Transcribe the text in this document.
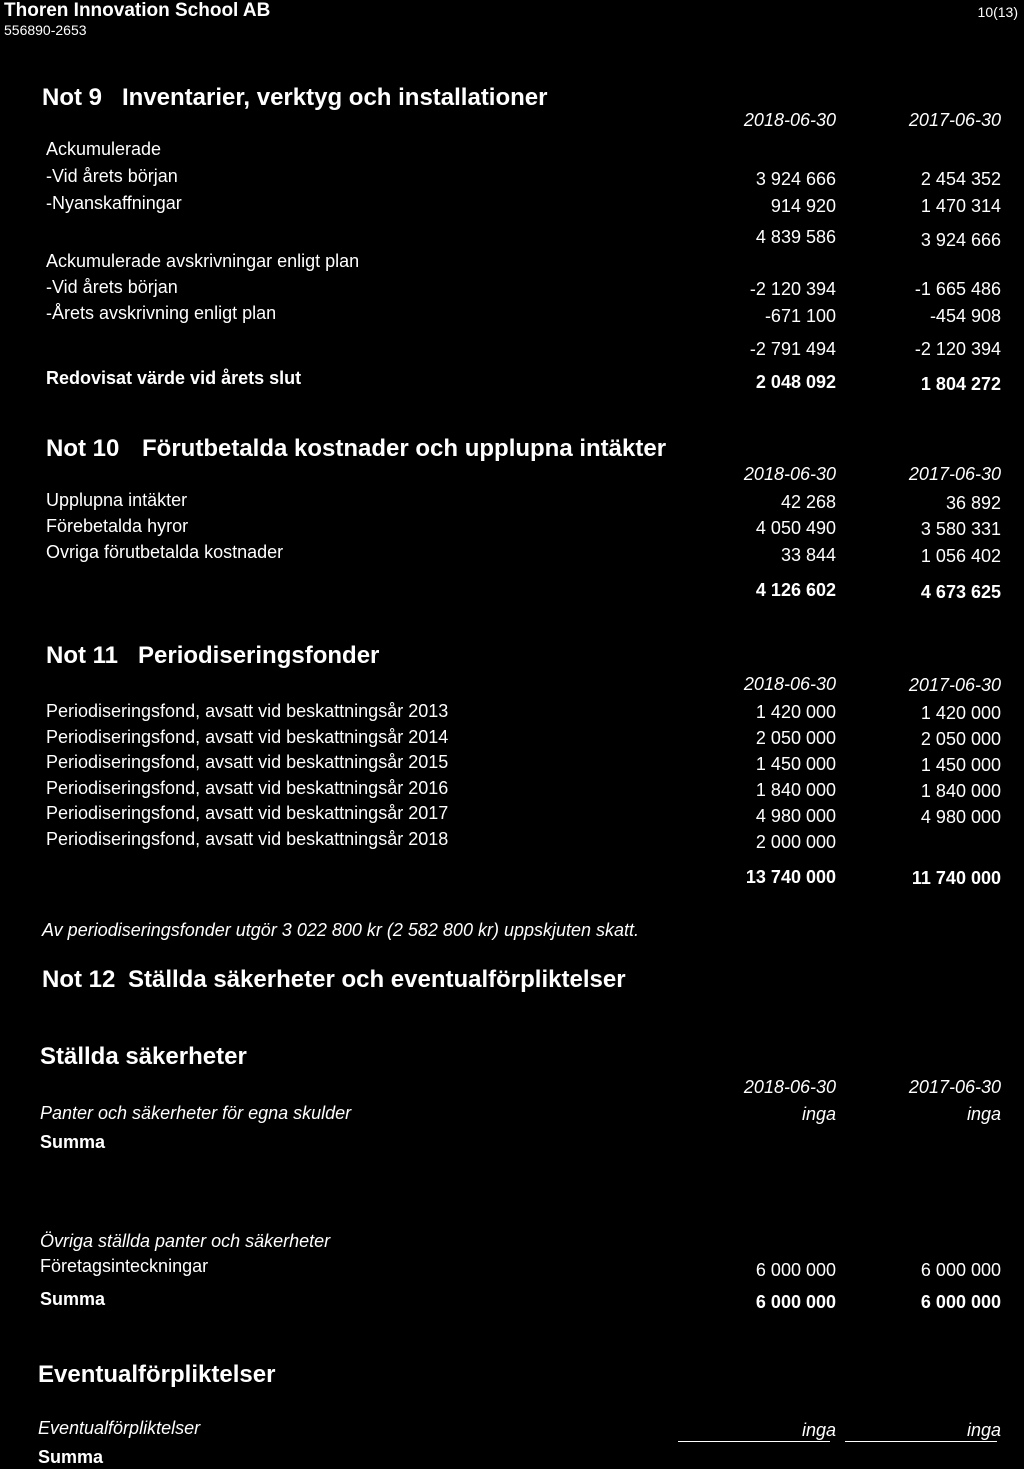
Thoren Innovation School AB
556890-2653
10(13)
Not 9 Inventarier, verktyg och installationer
2018-06-30	2017-06-30
Ackumulerade
-Vid årets början	3 924 666	2 454 352
-Nyanskaffningar	914 920	1 470 314
4 839 586	3 924 666
Ackumulerade avskrivningar enligt plan
-Vid årets början	-2 120 394	-1 665 486
-Årets avskrivning enligt plan	-671 100	-454 908
-2 791 494	-2 120 394
Redovisat värde vid årets slut	2 048 092	1 804 272
Not 10 Förutbetalda kostnader och upplupna intäkter
2018-06-30	2017-06-30
Upplupna intäkter	42 268	36 892
Förebetalda hyror	4 050 490	3 580 331
Ovriga förutbetalda kostnader	33 844	1 056 402
4 126 602	4 673 625
Not 11 Periodiseringsfonder
2018-06-30	2017-06-30
Periodiseringsfond, avsatt vid beskattningsår 2013	1 420 000	1 420 000
Periodiseringsfond, avsatt vid beskattningsår 2014	2 050 000	2 050 000
Periodiseringsfond, avsatt vid beskattningsår 2015	1 450 000	1 450 000
Periodiseringsfond, avsatt vid beskattningsår 2016	1 840 000	1 840 000
Periodiseringsfond, avsatt vid beskattningsår 2017	4 980 000	4 980 000
Periodiseringsfond, avsatt vid beskattningsår 2018	2 000 000
13 740 000	11 740 000
Av periodiseringsfonder utgör 3 022 800 kr (2 582 800 kr) uppskjuten skatt.
Not 12 Ställda säkerheter och eventualförpliktelser
Ställda säkerheter
2018-06-30	2017-06-30
Panter och säkerheter för egna skulder	inga	inga
Summa
Övriga ställda panter och säkerheter
Företagsinteckningar	6 000 000	6 000 000
Summa	6 000 000	6 000 000
Eventualförpliktelser
Eventualförpliktelser	inga	inga
Summa
